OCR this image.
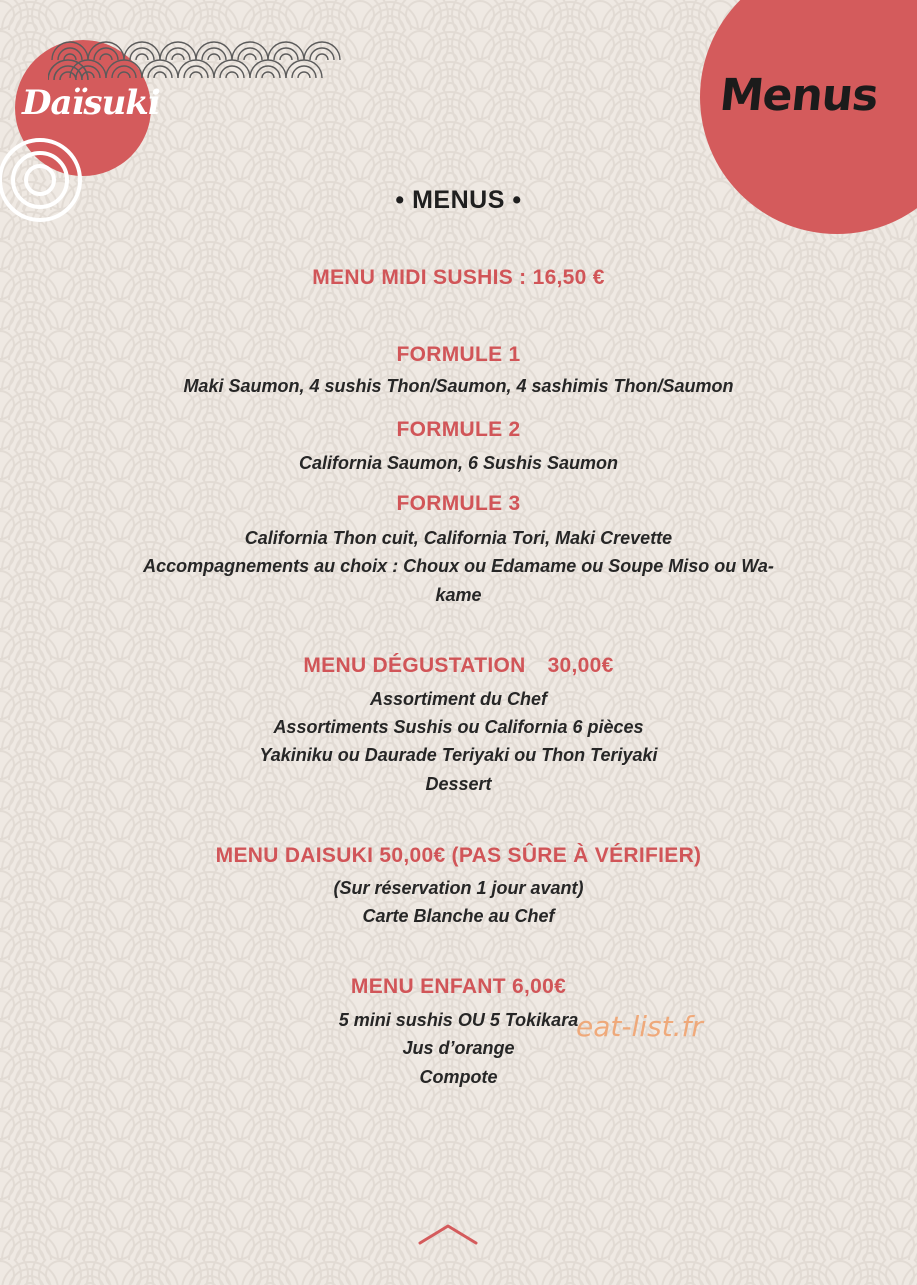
Daïsuki	Menus
• MENUS •
MENU MIDI SUSHIS : 16,50 €
FORMULE 1
Maki Saumon, 4 sushis Thon/Saumon, 4 sashimis Thon/Saumon
FORMULE 2
California Saumon, 6 Sushis Saumon
FORMULE 3
California Thon cuit, California Tori, Maki Crevette
Accompagnements au choix : Choux ou Edamame ou Soupe Miso ou Wa-
kame
MENU DÉGUSTATION 30,00€
Assortiment du Chef
Assortiments Sushis ou California 6 pièces
Yakiniku ou Daurade Teriyaki ou Thon Teriyaki
Dessert
MENU DAISUKI 50,00€ (PAS SÛRE À VÉRIFIER)
(Sur réservation 1 jour avant)
Carte Blanche au Chef
MENU ENFANT 6,00€
5 mini sushis OU 5 Tokikara
Jus d’orange
Compote
eat-list.fr
